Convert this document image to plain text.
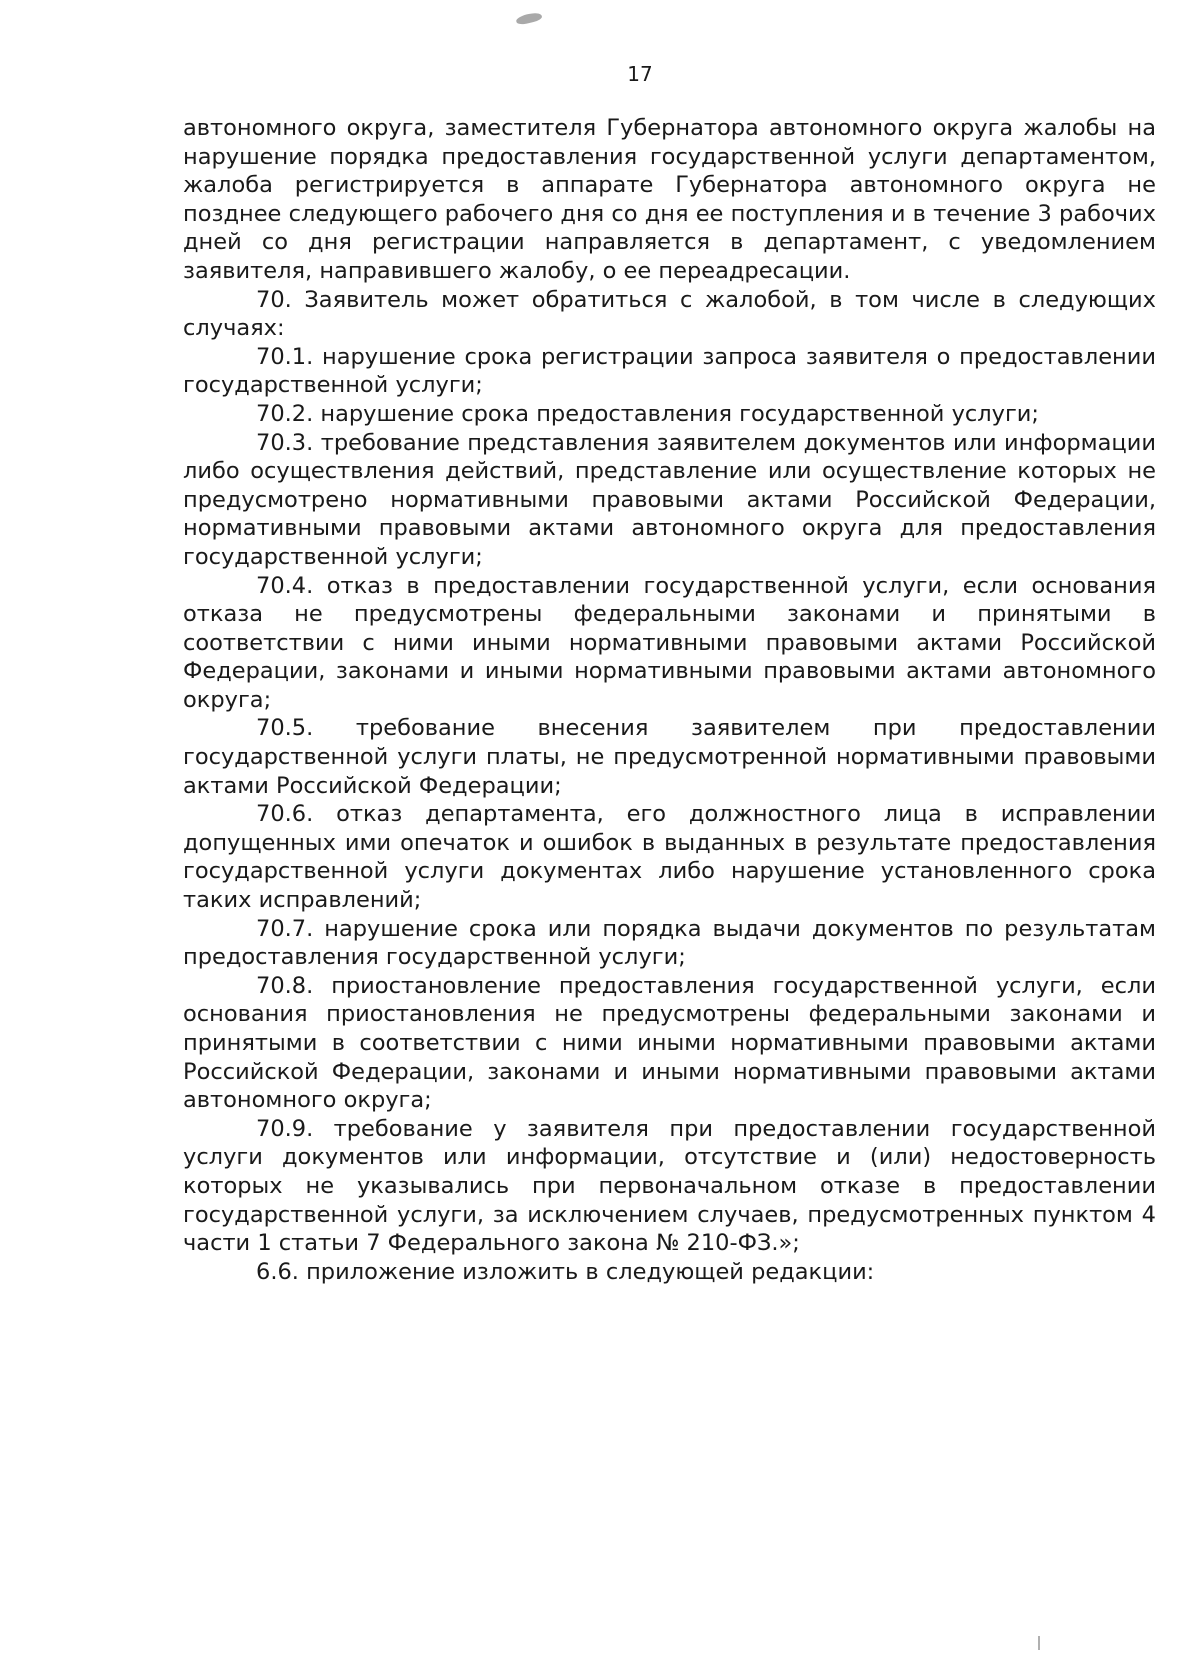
17

автономного округа, заместителя Губернатора автономного округа жалобы на нарушение порядка предоставления государственной услуги департаментом, жалоба регистрируется в аппарате Губернатора автономного округа не позднее следующего рабочего дня со дня ее поступления и в течение 3 рабочих дней со дня регистрации направляется в департамент, с уведомлением заявителя, направившего жалобу, о ее переадресации.

70. Заявитель может обратиться с жалобой, в том числе в следующих случаях:

70.1. нарушение срока регистрации запроса заявителя о предоставлении государственной услуги;

70.2. нарушение срока предоставления государственной услуги;

70.3. требование представления заявителем документов или информации либо осуществления действий, представление или осуществление которых не предусмотрено нормативными правовыми актами Российской Федерации, нормативными правовыми актами автономного округа для предоставления государственной услуги;

70.4. отказ в предоставлении государственной услуги, если основания отказа не предусмотрены федеральными законами и принятыми в соответствии с ними иными нормативными правовыми актами Российской Федерации, законами и иными нормативными правовыми актами автономного округа;

70.5. требование внесения заявителем при предоставлении государственной услуги платы, не предусмотренной нормативными правовыми актами Российской Федерации;

70.6. отказ департамента, его должностного лица в исправлении допущенных ими опечаток и ошибок в выданных в результате предоставления государственной услуги документах либо нарушение установленного срока таких исправлений;

70.7. нарушение срока или порядка выдачи документов по результатам предоставления государственной услуги;

70.8. приостановление предоставления государственной услуги, если основания приостановления не предусмотрены федеральными законами и принятыми в соответствии с ними иными нормативными правовыми актами Российской Федерации, законами и иными нормативными правовыми актами автономного округа;

70.9. требование у заявителя при предоставлении государственной услуги документов или информации, отсутствие и (или) недостоверность которых не указывались при первоначальном отказе в предоставлении государственной услуги, за исключением случаев, предусмотренных пунктом 4 части 1 статьи 7 Федерального закона № 210-ФЗ.»;

6.6. приложение изложить в следующей редакции:
